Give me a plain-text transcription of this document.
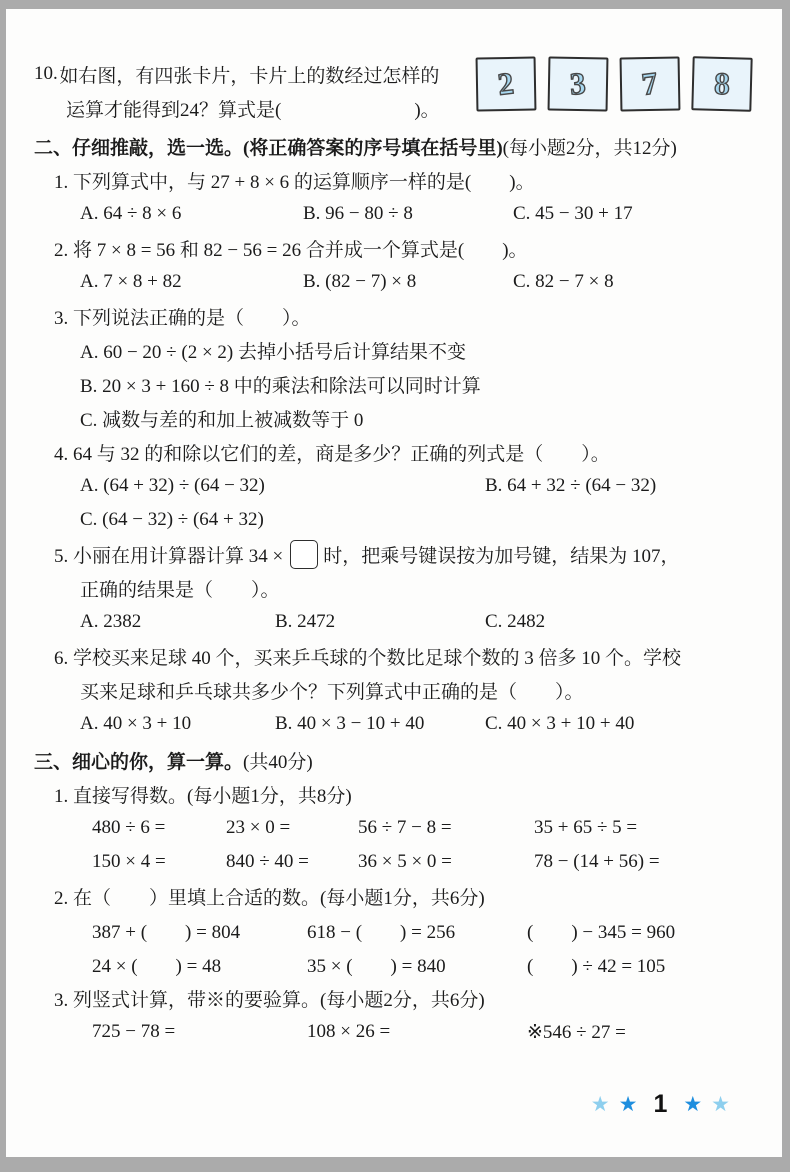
10.
  如右图，有四张卡片，卡片上的数经过怎样的
运算才能得到24？算式是(　　　　　　　)。
2 3 7 8
二、仔细推敲，选一选。 (将正确答案的序号填在括号里) (每小题2分，共12分)
1. 下列算式中，与 27 + 8 × 6 的运算顺序一样的是(　　)。
A. 64 ÷ 8 × 6	B. 96 − 80 ÷ 8	C. 45 − 30 + 17
2. 将 7 × 8 = 56 和 82 − 56 = 26 合并成一个算式是(　　)。
A. 7 × 8 + 82	B. (82 − 7) × 8	C. 82 − 7 × 8
3. 下列说法正确的是（　　）。
A. 60 − 20 ÷ (2 × 2) 去掉小括号后计算结果不变
B. 20 × 3 + 160 ÷ 8 中的乘法和除法可以同时计算
C. 减数与差的和加上被减数等于 0
4. 64 与 32 的和除以它们的差，商是多少？正确的列式是（　　）。
A. (64 + 32) ÷ (64 − 32)	B. 64 + 32 ÷ (64 − 32)
C. (64 − 32) ÷ (64 + 32)
5. 小丽在用计算器计算 34 × 时，把乘号键误按为加号键，结果为 107，
正确的结果是（　　）。
A. 2382	B. 2472	C. 2482
6. 学校买来足球 40 个，买来乒乓球的个数比足球个数的 3 倍多 10 个。学校
买来足球和乒乓球共多少个？下列算式中正确的是（　　）。
A. 40 × 3 + 10	B. 40 × 3 − 10 + 40	C. 40 × 3 + 10 + 40
三、细心的你，算一算。 (共40分)
1. 直接写得数。(每小题1分，共8分)
480 ÷ 6 =	23 × 0 =	56 ÷ 7 − 8 =	35 + 65 ÷ 5 =
150 × 4 =	840 ÷ 40 =	36 × 5 × 0 =	78 − (14 + 56) =
2. 在（　　）里填上合适的数。(每小题1分，共6分)
387 + (　　) = 804	618 − (　　) = 256	(　　) − 345 = 960
24 × (　　) = 48	35 × (　　) = 840	(　　) ÷ 42 = 105
3. 列竖式计算，带※的要验算。(每小题2分，共6分)
725 − 78 =	108 × 26 =	※546 ÷ 27 =
★ ★ 1 ★ ★
